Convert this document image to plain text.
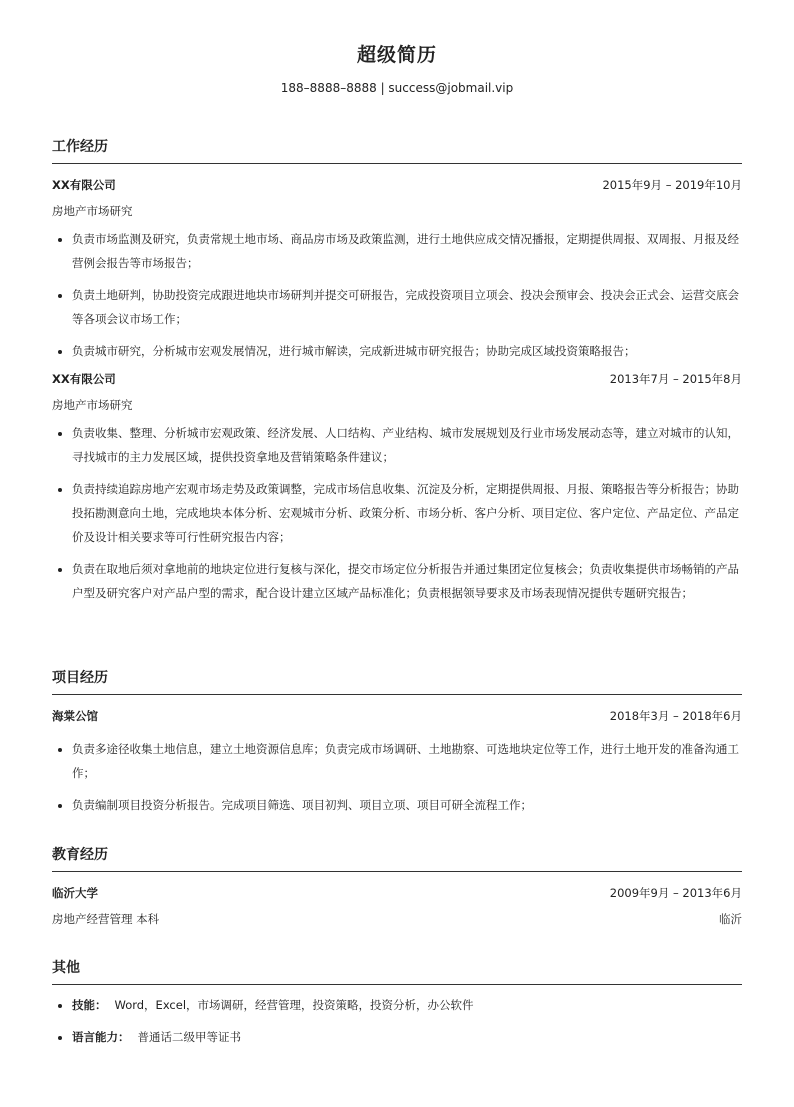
超级简历
188–8888–8888 | success@jobmail.vip
工作经历
XX有限公司	2015年9月 – 2019年10月
房地产市场研究
• 负责市场监测及研究，负责常规土地市场、商品房市场及政策监测，进行土地供应成交情况播报，定期提供周报、双周报、月报及经营例会报告等市场报告；
• 负责土地研判，协助投资完成跟进地块市场研判并提交可研报告，完成投资项目立项会、投决会预审会、投决会正式会、运营交底会等各项会议市场工作；
• 负责城市研究，分析城市宏观发展情况，进行城市解读，完成新进城市研究报告；协助完成区域投资策略报告；
XX有限公司	2013年7月 – 2015年8月
房地产市场研究
• 负责收集、整理、分析城市宏观政策、经济发展、人口结构、产业结构、城市发展规划及行业市场发展动态等，建立对城市的认知，寻找城市的主力发展区域，提供投资拿地及营销策略条件建议；
• 负责持续追踪房地产宏观市场走势及政策调整，完成市场信息收集、沉淀及分析，定期提供周报、月报、策略报告等分析报告；协助投拓勘测意向土地，完成地块本体分析、宏观城市分析、政策分析、市场分析、客户分析、项目定位、客户定位、产品定位、产品定价及设计相关要求等可行性研究报告内容；
• 负责在取地后须对拿地前的地块定位进行复核与深化，提交市场定位分析报告并通过集团定位复核会；负责收集提供市场畅销的产品户型及研究客户对产品户型的需求，配合设计建立区域产品标准化；负责根据领导要求及市场表现情况提供专题研究报告；
项目经历
海棠公馆	2018年3月 – 2018年6月
• 负责多途径收集土地信息，建立土地资源信息库；负责完成市场调研、土地勘察、可选地块定位等工作，进行土地开发的准备沟通工作；
• 负责编制项目投资分析报告。完成项目筛选、项目初判、项目立项、项目可研全流程工作；
教育经历
临沂大学	2009年9月 – 2013年6月
房地产经营管理 本科	临沂
其他
• 技能： Word，Excel，市场调研，经营管理，投资策略，投资分析，办公软件
• 语言能力： 普通话二级甲等证书
